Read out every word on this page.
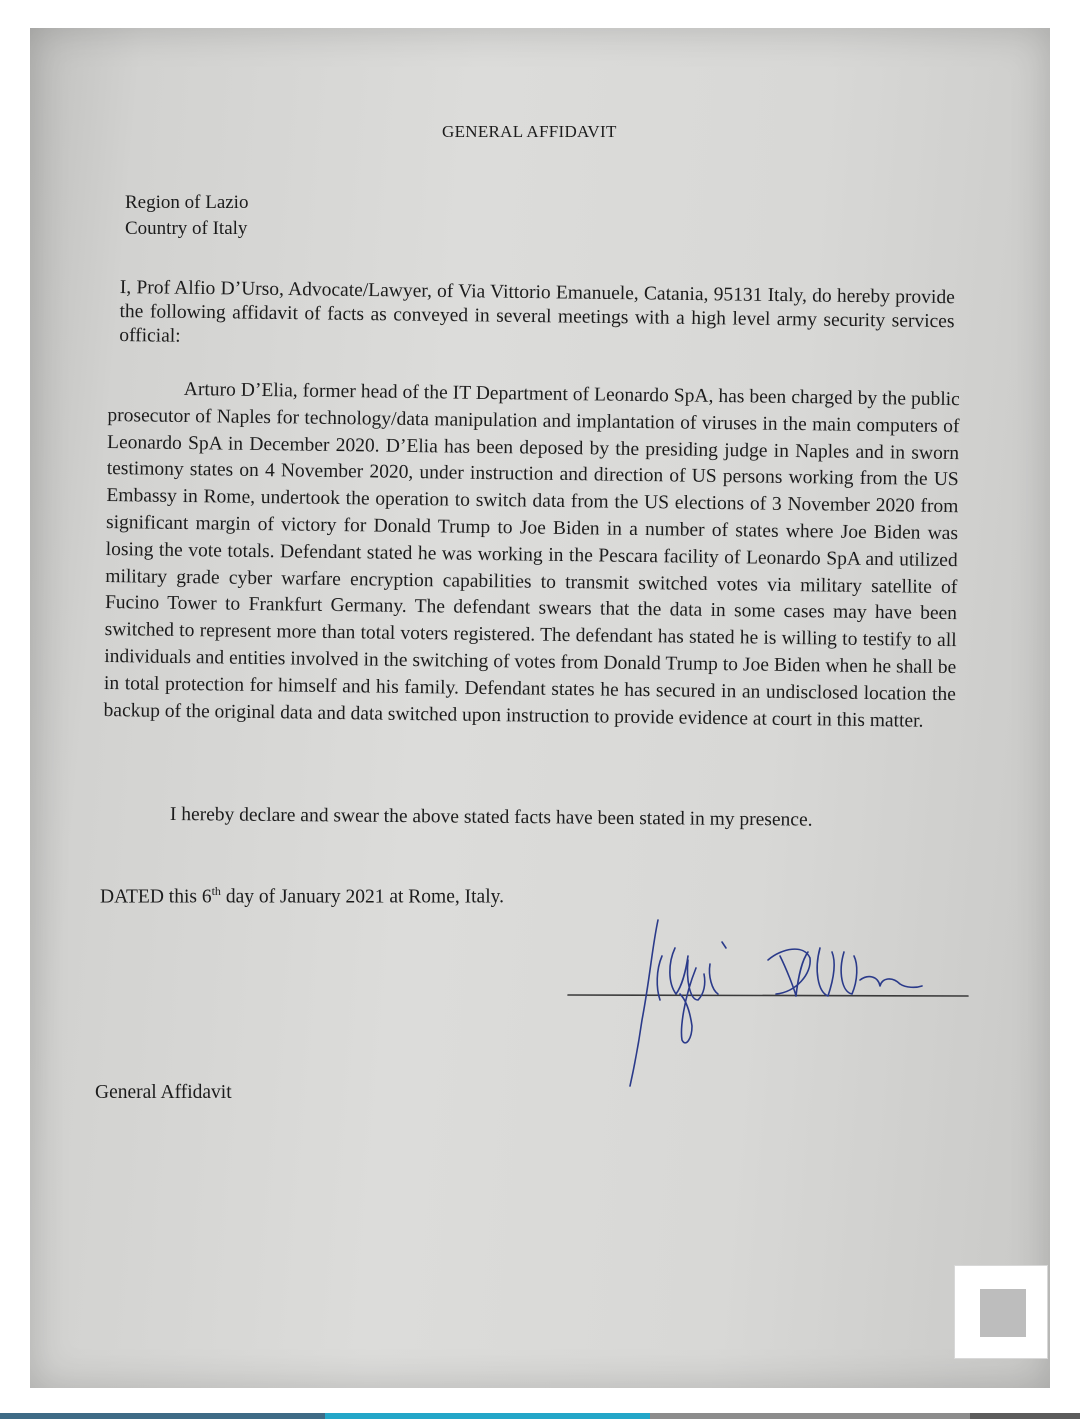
GENERAL AFFIDAVIT
Region of Lazio
Country of Italy
I, Prof Alfio D’Urso, Advocate/Lawyer, of Via Vittorio Emanuele, Catania, 95131 Italy, do hereby provide the following affidavit of facts as conveyed in several meetings with a high level army security services official:
Arturo D’Elia, former head of the IT Department of Leonardo SpA, has been charged by the public prosecutor of Naples for technology/data manipulation and implantation of viruses in the main computers of Leonardo SpA in December 2020. D’Elia has been deposed by the presiding judge in Naples and in sworn testimony states on 4 November 2020, under instruction and direction of US persons working from the US Embassy in Rome, undertook the operation to switch data from the US elections of 3 November 2020 from significant margin of victory for Donald Trump to Joe Biden in a number of states where Joe Biden was losing the vote totals. Defendant stated he was working in the Pescara facility of Leonardo SpA and utilized military grade cyber warfare encryption capabilities to transmit switched votes via military satellite of Fucino Tower to Frankfurt Germany. The defendant swears that the data in some cases may have been switched to represent more than total voters registered. The defendant has stated he is willing to testify to all individuals and entities involved in the switching of votes from Donald Trump to Joe Biden when he shall be in total protection for himself and his family. Defendant states he has secured in an undisclosed location the backup of the original data and data switched upon instruction to provide evidence at court in this matter.
I hereby declare and swear the above stated facts have been stated in my presence.
DATED this 6th day of January 2021 at Rome, Italy.
General Affidavit
